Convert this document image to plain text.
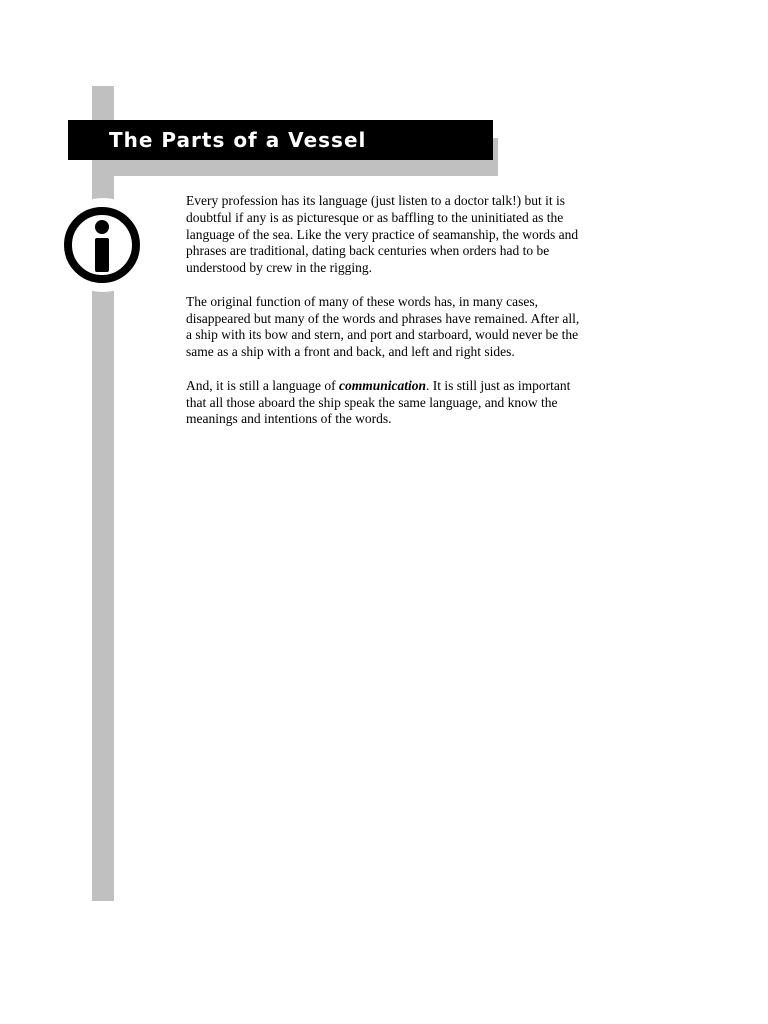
The Parts of a Vessel

Every profession has its language (just listen to a doctor talk!) but it is doubtful if any is as picturesque or as baffling to the uninitiated as the language of the sea. Like the very practice of seamanship, the words and phrases are traditional, dating back centuries when orders had to be understood by crew in the rigging.

The original function of many of these words has, in many cases, disappeared but many of the words and phrases have remained. After all, a ship with its bow and stern, and port and starboard, would never be the same as a ship with a front and back, and left and right sides.

And, it is still a language of communication. It is still just as important that all those aboard the ship speak the same language, and know the meanings and intentions of the words.
